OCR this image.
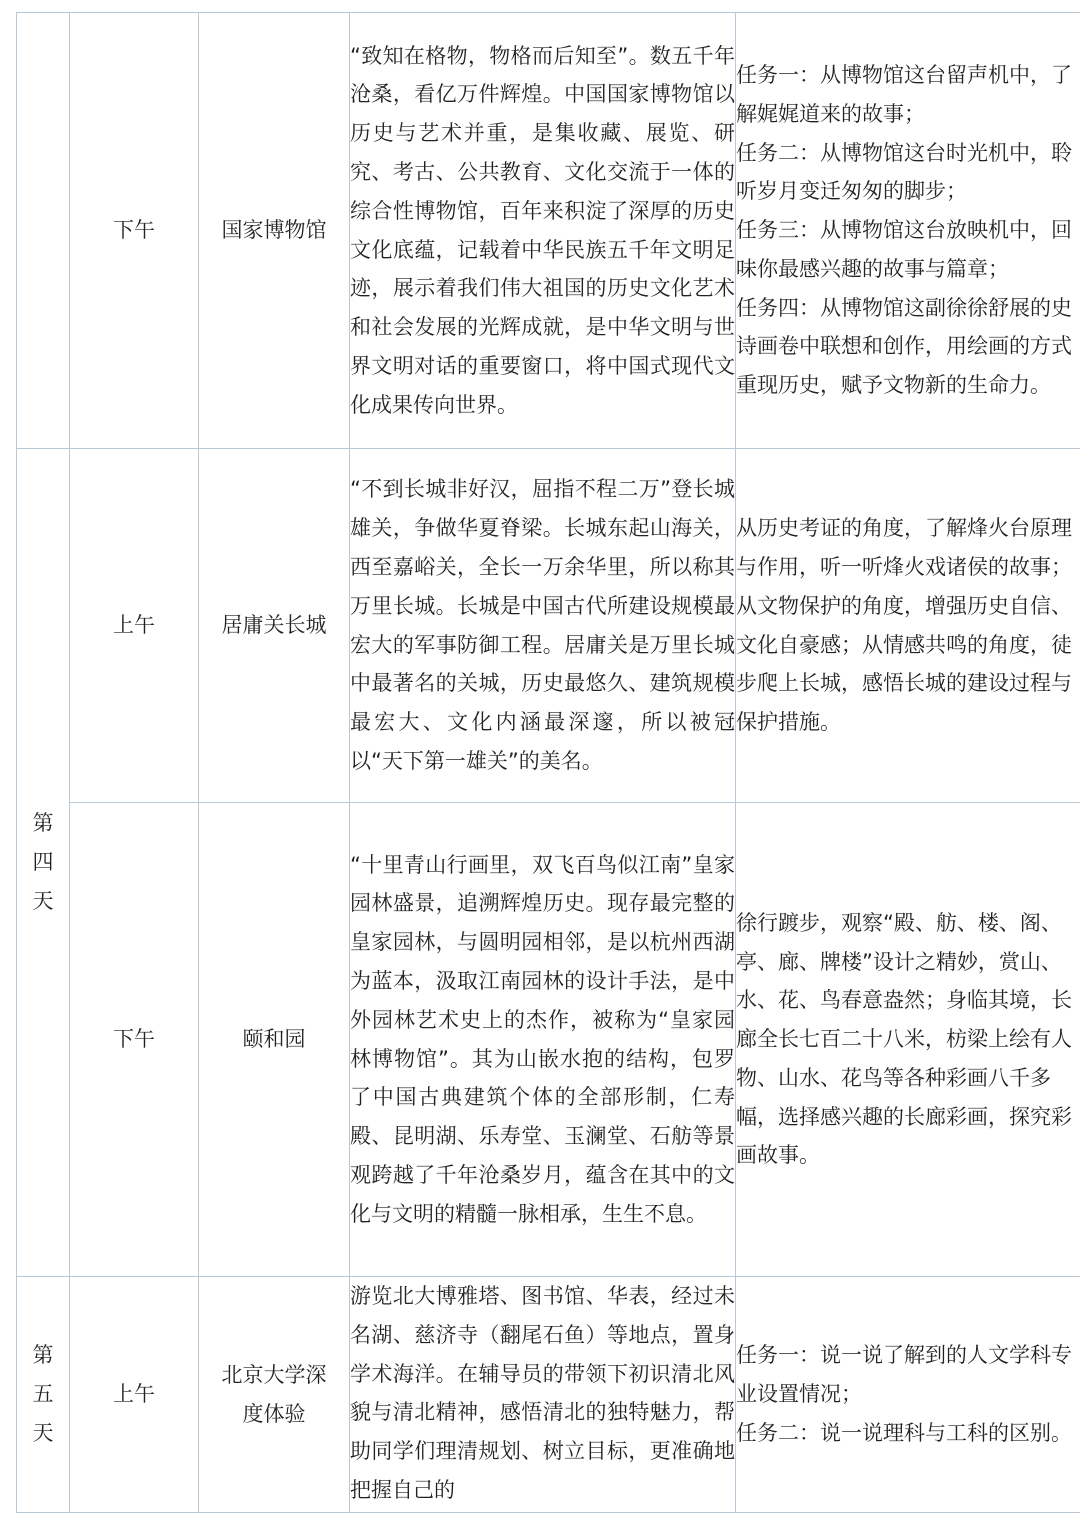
	下午	国家博物馆	“致知在格物，物格而后知至”。数五千年沧桑，看亿万件辉煌。中国国家博物馆以历史与艺术并重，是集收藏、展览、研究、考古、公共教育、文化交流于一体的综合性博物馆，百年来积淀了深厚的历史文化底蕴，记载着中华民族五千年文明足迹，展示着我们伟大祖国的历史文化艺术和社会发展的光辉成就，是中华文明与世界文明对话的重要窗口，将中国式现代文化成果传向世界。	任务一：从博物馆这台留声机中，了解娓娓道来的故事；

任务二：从博物馆这台时光机中，聆听岁月变迁匆匆的脚步；

任务三：从博物馆这台放映机中，回味你最感兴趣的故事与篇章；

任务四：从博物馆这副徐徐舒展的史诗画卷中联想和创作，用绘画的方式重现历史，赋予文物新的生命力。

第四天	上午	居庸关长城	“不到长城非好汉，屈指不程二万”登长城雄关，争做华夏脊梁。长城东起山海关，西至嘉峪关，全长一万余华里，所以称其万里长城。长城是中国古代所建设规模最宏大的军事防御工程。居庸关是万里长城中最著名的关城，历史最悠久、建筑规模最宏大、文化内涵最深邃，所以被冠以“天下第一雄关”的美名。	从历史考证的角度，了解烽火台原理与作用，听一听烽火戏诸侯的故事；从文物保护的角度，增强历史自信、文化自豪感；从情感共鸣的角度，徒步爬上长城，感悟长城的建设过程与保护措施。

	下午	颐和园	“十里青山行画里，双飞百鸟似江南”皇家园林盛景，追溯辉煌历史。现存最完整的皇家园林，与圆明园相邻，是以杭州西湖为蓝本，汲取江南园林的设计手法，是中外园林艺术史上的杰作，被称为“皇家园林博物馆”。其为山嵌水抱的结构，包罗了中国古典建筑个体的全部形制，仁寿殿、昆明湖、乐寿堂、玉澜堂、石舫等景观跨越了千年沧桑岁月，蕴含在其中的文化与文明的精髓一脉相承，生生不息。	徐行踱步，观察“殿、舫、楼、阁、亭、廊、牌楼”设计之精妙，赏山、水、花、鸟春意盎然；身临其境，长廊全长七百二十八米，枋梁上绘有人物、山水、花鸟等各种彩画八千多幅，选择感兴趣的长廊彩画，探究彩画故事。

第五天	上午	北京大学深度体验	游览北大博雅塔、图书馆、华表，经过未名湖、慈济寺（翻尾石鱼）等地点，置身学术海洋。在辅导员的带领下初识清北风貌与清北精神，感悟清北的独特魅力，帮助同学们理清规划、树立目标，更准确地把握自己的	任务一：说一说了解到的人文学科专业设置情况；

任务二：说一说理科与工科的区别。
